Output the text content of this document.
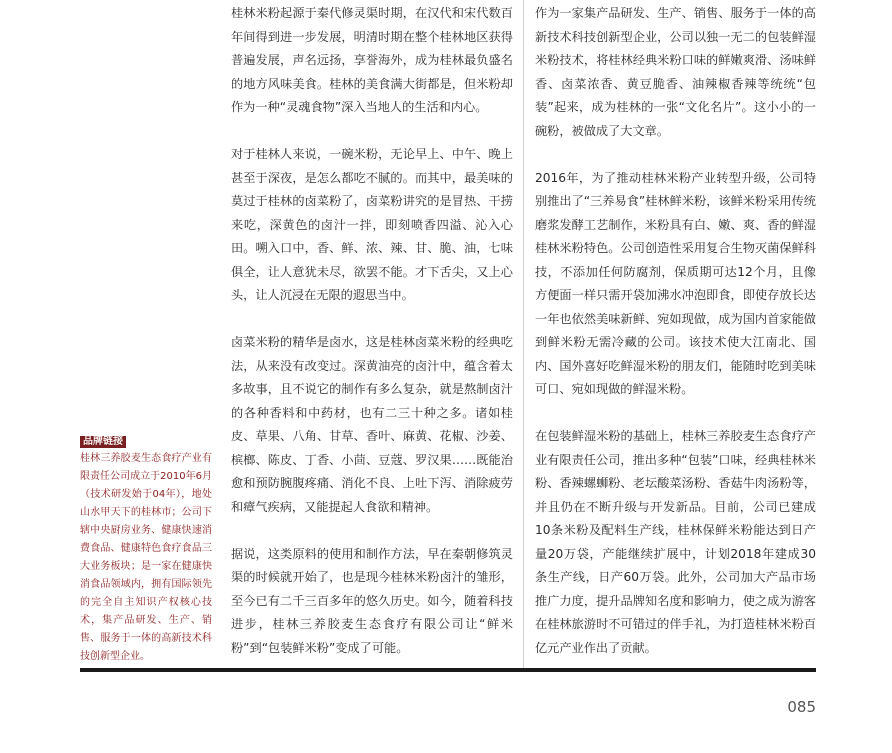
桂林米粉起源于秦代修灵渠时期，在汉代和宋代数百年间得到进一步发展，明清时期在整个桂林地区获得普遍发展，声名远扬，享誉海外，成为桂林最负盛名的地方风味美食。桂林的美食满大街都是，但米粉却作为一种“灵魂食物”深入当地人的生活和内心。

对于桂林人来说，一碗米粉，无论早上、中午、晚上甚至于深夜，是怎么都吃不腻的。而其中，最美味的莫过于桂林的卤菜粉了，卤菜粉讲究的是冒热、干捞来吃，深黄色的卤汁一拌，即刻喷香四溢、沁入心田。嗍入口中，香、鲜、浓、辣、甘、脆、油，七味俱全，让人意犹未尽，欲罢不能。才下舌尖，又上心头，让人沉浸在无限的遐思当中。

卤菜米粉的精华是卤水，这是桂林卤菜米粉的经典吃法，从来没有改变过。深黄油亮的卤汁中，蕴含着太多故事，且不说它的制作有多么复杂，就是熬制卤汁的各种香料和中药材，也有二三十种之多。诸如桂皮、草果、八角、甘草、香叶、麻黄、花椒、沙姜、槟榔、陈皮、丁香、小茴、豆蔻、罗汉果……既能治愈和预防腕腹疼痛、消化不良、上吐下泻、消除疲劳和瘴气疾病，又能提起人食欲和精神。

据说，这类原料的使用和制作方法，早在秦朝修筑灵渠的时候就开始了，也是现今桂林米粉卤汁的雏形，至今已有二千三百多年的悠久历史。如今，随着科技进步，桂林三养胶麦生态食疗有限公司让“鲜米粉”到“包装鲜米粉”变成了可能。

作为一家集产品研发、生产、销售、服务于一体的高新技术科技创新型企业，公司以独一无二的包装鲜湿米粉技术，将桂林经典米粉口味的鲜嫩爽滑、汤味鲜香、卤菜浓香、黄豆脆香、油辣椒香辣等统统“包装”起来，成为桂林的一张“文化名片”。这小小的一碗粉，被做成了大文章。

2016年，为了推动桂林米粉产业转型升级，公司特别推出了“三养易食”桂林鲜米粉，该鲜米粉采用传统磨浆发酵工艺制作，米粉具有白、嫩、爽、香的鲜湿桂林米粉特色。公司创造性采用复合生物灭菌保鲜科技，不添加任何防腐剂，保质期可达12个月，且像方便面一样只需开袋加沸水冲泡即食，即使存放长达一年也依然美味新鲜、宛如现做，成为国内首家能做到鲜米粉无需冷藏的公司。该技术使大江南北、国内、国外喜好吃鲜湿米粉的朋友们，能随时吃到美味可口、宛如现做的鲜湿米粉。

在包装鲜湿米粉的基础上，桂林三养胶麦生态食疗产业有限责任公司，推出多种“包装”口味，经典桂林米粉、香辣螺蛳粉、老坛酸菜汤粉、香菇牛肉汤粉等，并且仍在不断升级与开发新品。目前，公司已建成10条米粉及配料生产线，桂林保鲜米粉能达到日产量20万袋，产能继续扩展中，计划2018年建成30条生产线，日产60万袋。此外，公司加大产品市场推广力度，提升品牌知名度和影响力，使之成为游客在桂林旅游时不可错过的伴手礼，为打造桂林米粉百亿元产业作出了贡献。

品牌链接
桂林三养胶麦生态食疗产业有限责任公司成立于2010年6月（技术研发始于04年），地处山水甲天下的桂林市；公司下辖中央厨房业务、健康快速消费食品、健康特色食疗食品三大业务板块；是一家在健康快消食品领域内，拥有国际领先的完全自主知识产权核心技术，集产品研发、生产、销售、服务于一体的高新技术科技创新型企业。
085
